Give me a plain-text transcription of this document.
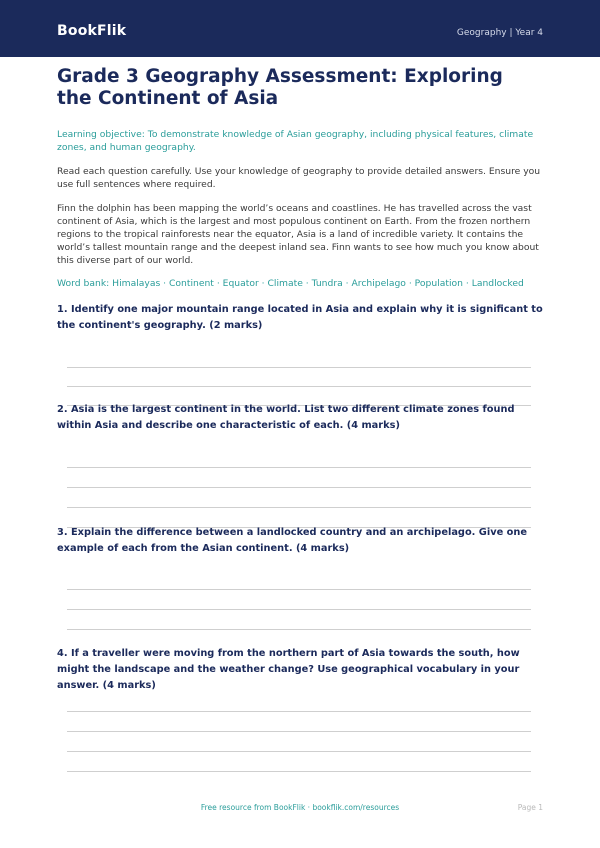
BookFlik	Geography | Year 4
Grade 3 Geography Assessment: Exploring the Continent of Asia
Learning objective: To demonstrate knowledge of Asian geography, including physical features, climate zones, and human geography.
Read each question carefully. Use your knowledge of geography to provide detailed answers. Ensure you use full sentences where required.
Finn the dolphin has been mapping the world’s oceans and coastlines. He has travelled across the vast continent of Asia, which is the largest and most populous continent on Earth. From the frozen northern regions to the tropical rainforests near the equator, Asia is a land of incredible variety. It contains the world’s tallest mountain range and the deepest inland sea. Finn wants to see how much you know about this diverse part of our world.
Word bank: Himalayas · Continent · Equator · Climate · Tundra · Archipelago · Population · Landlocked
1. Identify one major mountain range located in Asia and explain why it is significant to the continent's geography. (2 marks)
2. Asia is the largest continent in the world. List two different climate zones found within Asia and describe one characteristic of each. (4 marks)
3. Explain the difference between a landlocked country and an archipelago. Give one example of each from the Asian continent. (4 marks)
4. If a traveller were moving from the northern part of Asia towards the south, how might the landscape and the weather change? Use geographical vocabulary in your answer. (4 marks)
Free resource from BookFlik · bookflik.com/resources	Page 1
